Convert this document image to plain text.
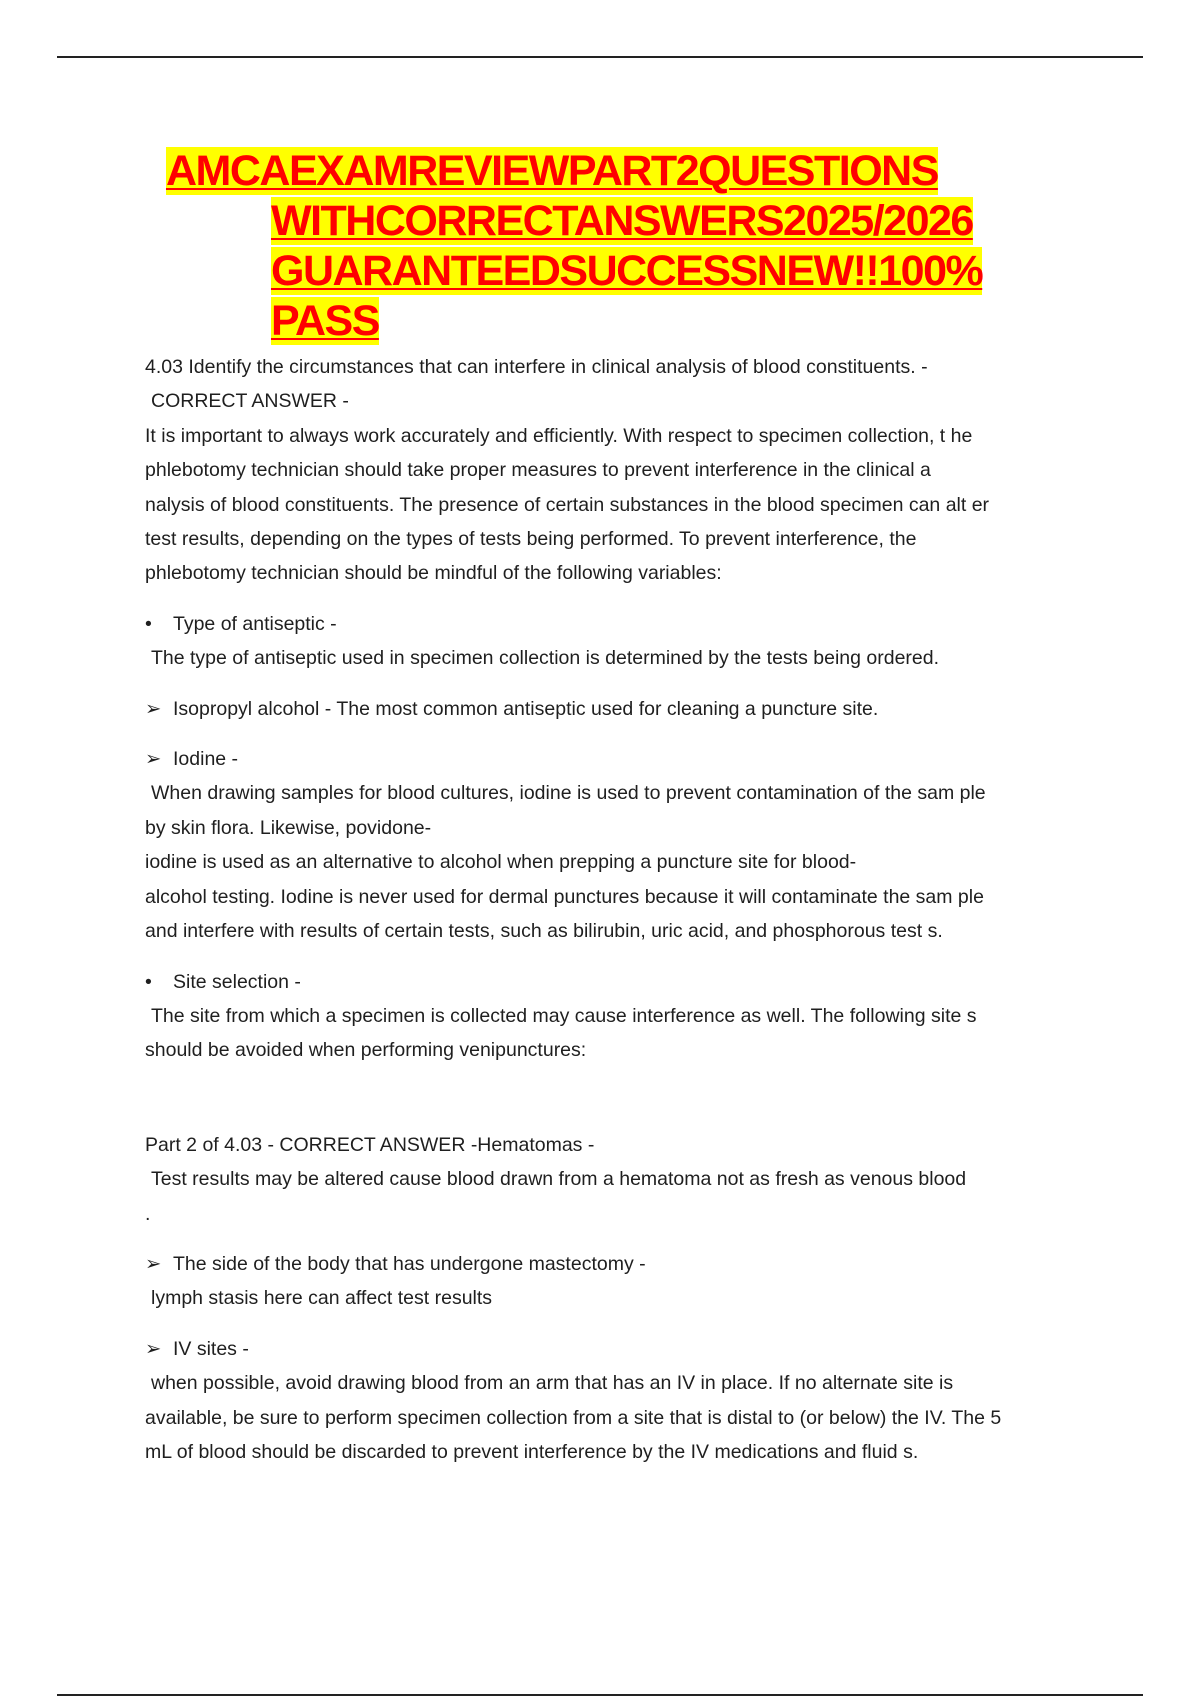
AMCAEXAMREVIEWPART2QUESTIONS
WITHCORRECTANSWERS2025/2026
GUARANTEEDSUCCESSNEW!!100%
PASS
4.03 Identify the circumstances that can interfere in clinical analysis of blood constituents. -
CORRECT ANSWER -
It is important to always work accurately and efficiently. With respect to specimen collection, t he
phlebotomy technician should take proper measures to prevent interference in the clinical a
nalysis of blood constituents. The presence of certain substances in the blood specimen can alt er
test results, depending on the types of tests being performed. To prevent interference, the
phlebotomy technician should be mindful of the following variables:
• Type of antiseptic -
The type of antiseptic used in specimen collection is determined by the tests being ordered.
➢ Isopropyl alcohol - The most common antiseptic used for cleaning a puncture site.
➢ Iodine -
When drawing samples for blood cultures, iodine is used to prevent contamination of the sam ple
by skin flora. Likewise, povidone-
iodine is used as an alternative to alcohol when prepping a puncture site for blood-
alcohol testing. Iodine is never used for dermal punctures because it will contaminate the sam ple
and interfere with results of certain tests, such as bilirubin, uric acid, and phosphorous test s.
• Site selection -
The site from which a specimen is collected may cause interference as well. The following site s
should be avoided when performing venipunctures:
Part 2 of 4.03 - CORRECT ANSWER -Hematomas -
Test results may be altered cause blood drawn from a hematoma not as fresh as venous blood
.
➢ The side of the body that has undergone mastectomy -
lymph stasis here can affect test results
➢ IV sites -
when possible, avoid drawing blood from an arm that has an IV in place. If no alternate site is
available, be sure to perform specimen collection from a site that is distal to (or below) the IV. The 5
mL of blood should be discarded to prevent interference by the IV medications and fluid s.
